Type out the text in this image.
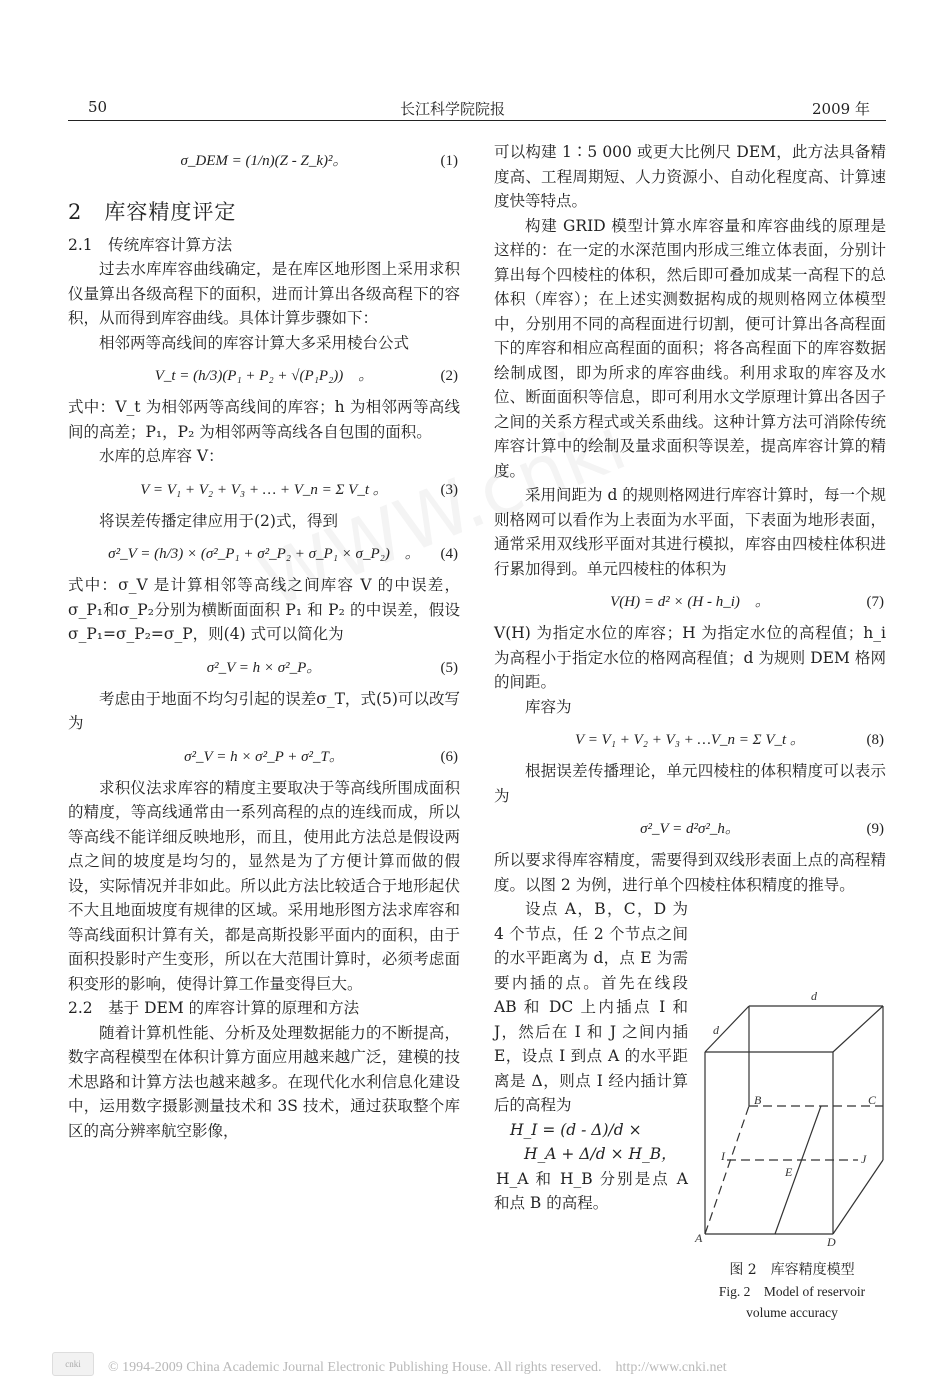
50	长江科学院院报	2009 年
σ_DEM = (1/n)(Z - Z_k)²。	(1)

2　库容精度评定

2.1　传统库容计算方法

过去水库库容曲线确定，是在库区地形图上采用求积仪量算出各级高程下的面积，进而计算出各级高程下的容积，从而得到库容曲线。具体计算步骤如下：

相邻两等高线间的库容计算大多采用棱台公式

V_t = (h/3)(P₁ + P₂ + √(P₁P₂))　。	(2)

式中：V_t 为相邻两等高线间的库容；h 为相邻两等高线间的高差；P₁，P₂ 为相邻两等高线各自包围的面积。

水库的总库容 V：

V = V₁ + V₂ + V₃ + … + V_n = Σ V_t 。	(3)

将误差传播定律应用于(2)式，得到

σ²_V = (h/3) × (σ²_P₁ + σ²_P₂ + σ_P₁ × σ_P₂)　。 (4)

式中：σ_V 是计算相邻等高线之间库容 V 的中误差，σ_P₁和σ_P₂分别为横断面面积 P₁ 和 P₂ 的中误差，假设σ_P₁=σ_P₂=σ_P，则(4) 式可以简化为

σ²_V = h × σ²_P。	(5)

考虑由于地面不均匀引起的误差σ_T，式(5)可以改写为

σ²_V = h × σ²_P + σ²_T。	(6)

求积仪法求库容的精度主要取决于等高线所围成面积的精度，等高线通常由一系列高程的点的连线而成，所以等高线不能详细反映地形，而且，使用此方法总是假设两点之间的坡度是均匀的，显然是为了方便计算而做的假设，实际情况并非如此。所以此方法比较适合于地形起伏不大且地面坡度有规律的区域。采用地形图方法求库容和等高线面积计算有关，都是高斯投影平面内的面积，由于面积投影时产生变形，所以在大范围计算时，必须考虑面积变形的影响，使得计算工作量变得巨大。

2.2　基于 DEM 的库容计算的原理和方法

随着计算机性能、分析及处理数据能力的不断提高，数字高程模型在体积计算方面应用越来越广泛，建模的技术思路和计算方法也越来越多。在现代化水利信息化建设中，运用数字摄影测量技术和 3S 技术，通过获取整个库区的高分辨率航空影像，

可以构建 1∶5 000 或更大比例尺 DEM，此方法具备精度高、工程周期短、人力资源小、自动化程度高、计算速度快等特点。

构建 GRID 模型计算水库容量和库容曲线的原理是这样的：在一定的水深范围内形成三维立体表面，分别计算出每个四棱柱的体积，然后即可叠加成某一高程下的总体积（库容）；在上述实测数据构成的规则格网立体模型中，分别用不同的高程面进行切割，便可计算出各高程面下的库容和相应高程面的面积；将各高程面下的库容数据绘制成图，即为所求的库容曲线。利用求取的库容及水位、断面面积等信息，即可利用水文学原理计算出各因子之间的关系方程式或关系曲线。这种计算方法可消除传统库容计算中的绘制及量求面积等误差，提高库容计算的精度。

采用间距为 d 的规则格网进行库容计算时，每一个规则格网可以看作为上表面为水平面，下表面为地形表面，通常采用双线形平面对其进行模拟，库容由四棱柱体积进行累加得到。单元四棱柱的体积为

V(H) = d² × (H - h_i)　。	(7)

V(H) 为指定水位的库容；H 为指定水位的高程值；h_i 为高程小于指定水位的格网高程值；d 为规则 DEM 格网的间距。

库容为

V = V₁ + V₂ + V₃ + …V_n = Σ V_t 。	(8)

根据误差传播理论，单元四棱柱的体积精度可以表示为

σ²_V = d²σ²_h。	(9)

所以要求得库容精度，需要得到双线形表面上点的高程精度。以图 2 为例，进行单个四棱柱体积精度的推导。

设点 A，B，C，D 为 4 个节点，任 2 个节点之间的水平距离为 d，点 E 为需要内插的点。首先在线段 AB 和 DC 上内插点 I 和 J，然后在 I 和 J 之间内插 E，设点 I 到点 A 的水平距离是 Δ，则点 I 经内插计算后的高程为

H_I = (d - Δ)/d ×

H_A + Δ/d × H_B，

H_A 和 H_B 分别是点 A 和点 B 的高程。

d
d
B	C
I	J
E
A	D
图 2　库容精度模型
Fig. 2　Model of reservoir
volume accuracy
cnki	© 1994-2009 China Academic Journal Electronic Publishing House. All rights reserved.　http://www.cnki.net
